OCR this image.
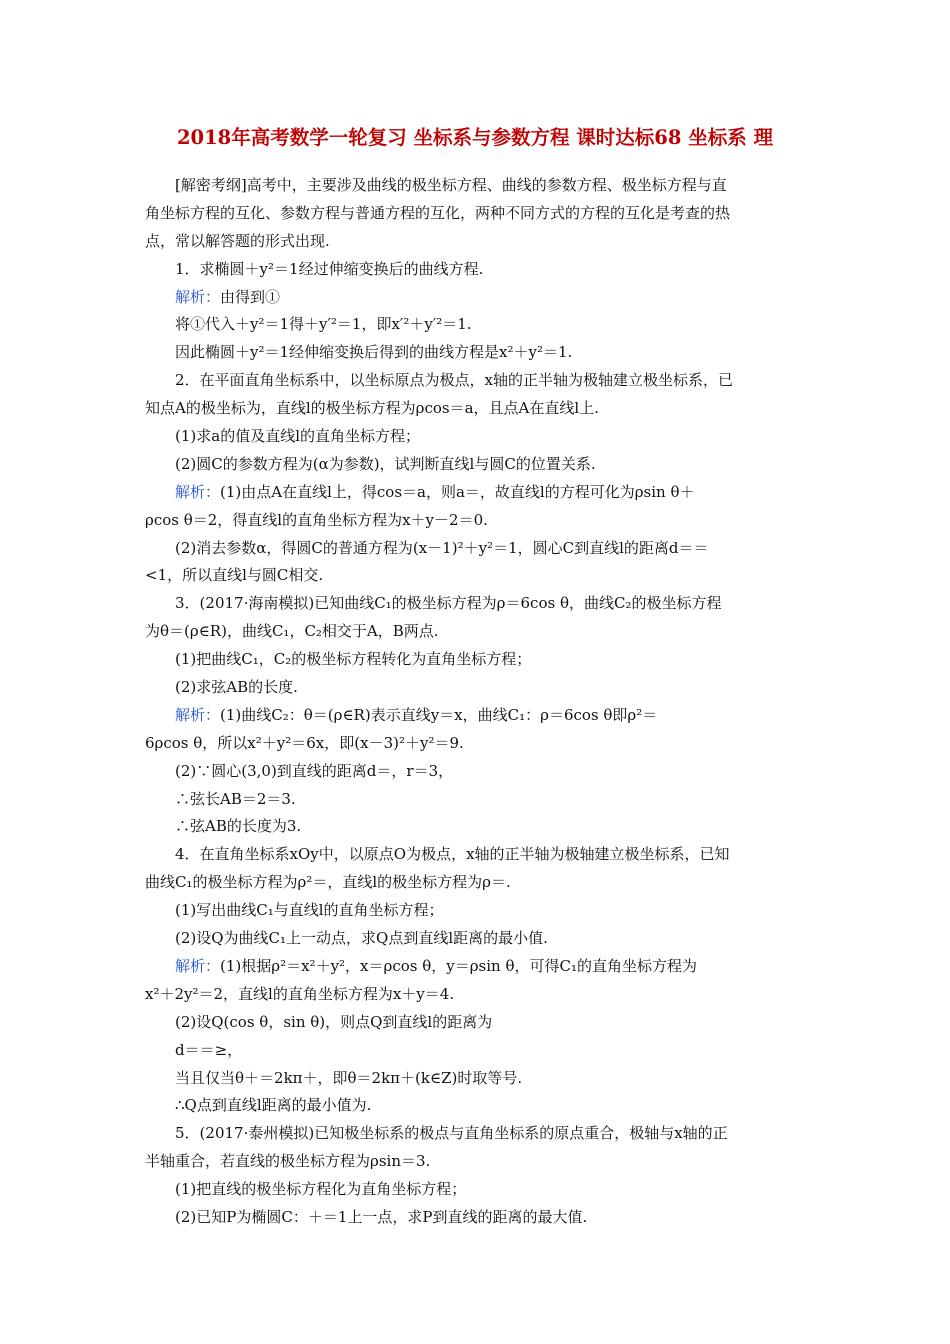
2018年高考数学一轮复习 坐标系与参数方程 课时达标68 坐标系 理
[解密考纲]高考中，主要涉及曲线的极坐标方程、曲线的参数方程、极坐标方程与直
角坐标方程的互化、参数方程与普通方程的互化，两种不同方式的方程的互化是考查的热
点，常以解答题的形式出现.
1．求椭圆＋y²＝1经过伸缩变换后的曲线方程.
解析：由得到①
将①代入＋y²＝1得＋y′²＝1，即x′²＋y′²＝1.
因此椭圆＋y²＝1经伸缩变换后得到的曲线方程是x²＋y²＝1.
2．在平面直角坐标系中，以坐标原点为极点，x轴的正半轴为极轴建立极坐标系，已
知点A的极坐标为，直线l的极坐标方程为ρcos＝a，且点A在直线l上.
(1)求a的值及直线l的直角坐标方程；
(2)圆C的参数方程为(α为参数)，试判断直线l与圆C的位置关系.
解析：(1)由点A在直线l上，得cos＝a，则a＝，故直线l的方程可化为ρsin θ＋
ρcos θ＝2，得直线l的直角坐标方程为x＋y－2＝0.
(2)消去参数α，得圆C的普通方程为(x－1)²＋y²＝1，圆心C到直线l的距离d＝＝
<1，所以直线l与圆C相交.
3．(2017·海南模拟)已知曲线C₁的极坐标方程为ρ＝6cos θ，曲线C₂的极坐标方程
为θ＝(ρ∈R)，曲线C₁，C₂相交于A，B两点.
(1)把曲线C₁，C₂的极坐标方程转化为直角坐标方程；
(2)求弦AB的长度.
解析：(1)曲线C₂：θ＝(ρ∈R)表示直线y＝x，曲线C₁：ρ＝6cos θ即ρ²＝
6ρcos θ，所以x²＋y²＝6x，即(x－3)²＋y²＝9.
(2)∵圆心(3,0)到直线的距离d＝，r＝3，
∴弦长AB＝2＝3.
∴弦AB的长度为3.
4．在直角坐标系xOy中，以原点O为极点，x轴的正半轴为极轴建立极坐标系，已知
曲线C₁的极坐标方程为ρ²＝，直线l的极坐标方程为ρ＝.
(1)写出曲线C₁与直线l的直角坐标方程；
(2)设Q为曲线C₁上一动点，求Q点到直线l距离的最小值.
解析：(1)根据ρ²＝x²＋y²，x＝ρcos θ，y＝ρsin θ，可得C₁的直角坐标方程为
x²＋2y²＝2，直线l的直角坐标方程为x＋y＝4.
(2)设Q(cos θ，sin θ)，则点Q到直线l的距离为
d＝＝≥，
当且仅当θ＋＝2kπ＋，即θ＝2kπ＋(k∈Z)时取等号.
∴Q点到直线l距离的最小值为.
5．(2017·泰州模拟)已知极坐标系的极点与直角坐标系的原点重合，极轴与x轴的正
半轴重合，若直线的极坐标方程为ρsin＝3.
(1)把直线的极坐标方程化为直角坐标方程；
(2)已知P为椭圆C：＋＝1上一点，求P到直线的距离的最大值.
